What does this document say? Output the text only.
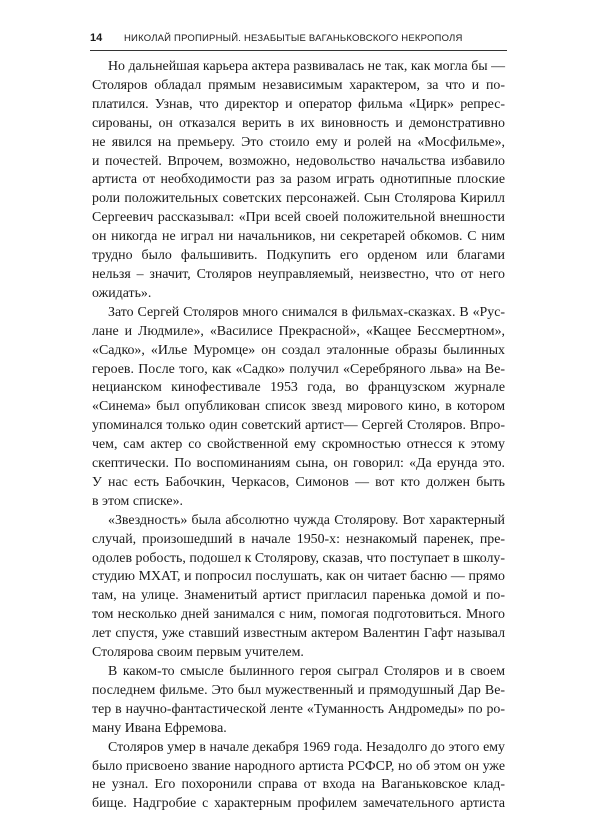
14 НИКОЛАЙ ПРОПИРНЫЙ. НЕЗАБЫТЫЕ ВАГАНЬКОВСКОГО НЕКРОПОЛЯ
Но дальнейшая карьера актера развивалась не так, как могла бы —
Столяров обладал прямым независимым характером, за что и по-
платился. Узнав, что директор и оператор фильма «Цирк» репрес-
сированы, он отказался верить в их виновность и демонстративно
не явился на премьеру. Это стоило ему и ролей на «Мосфильме»,
и почестей. Впрочем, возможно, недовольство начальства избавило
артиста от необходимости раз за разом играть однотипные плоские
роли положительных советских персонажей. Сын Столярова Кирилл
Сергеевич рассказывал: «При всей своей положительной внешности
он никогда не играл ни начальников, ни секретарей обкомов. С ним
трудно было фальшивить. Подкупить его орденом или благами
нельзя – значит, Столяров неуправляемый, неизвестно, что от него
ожидать».
Зато Сергей Столяров много снимался в фильмах-сказках. В «Рус-
лане и Людмиле», «Василисе Прекрасной», «Кащее Бессмертном»,
«Садко», «Илье Муромце» он создал эталонные образы былинных
героев. После того, как «Садко» получил «Серебряного льва» на Ве-
нецианском кинофестивале 1953 года, во французском журнале
«Синема» был опубликован список звезд мирового кино, в котором
упоминался только один советский артист— Сергей Столяров. Впро-
чем, сам актер со свойственной ему скромностью отнесся к этому
скептически. По воспоминаниям сына, он говорил: «Да ерунда это.
У нас есть Бабочкин, Черкасов, Симонов — вот кто должен быть
в этом списке».
«Звездность» была абсолютно чужда Столярову. Вот характерный
случай, произошедший в начале 1950-х: незнакомый паренек, пре-
одолев робость, подошел к Столярову, сказав, что поступает в школу-
студию МХАТ, и попросил послушать, как он читает басню — прямо
там, на улице. Знаменитый артист пригласил паренька домой и по-
том несколько дней занимался с ним, помогая подготовиться. Много
лет спустя, уже ставший известным актером Валентин Гафт называл
Столярова своим первым учителем.
В каком-то смысле былинного героя сыграл Столяров и в своем
последнем фильме. Это был мужественный и прямодушный Дар Ве-
тер в научно-фантастической ленте «Туманность Андромеды» по ро-
ману Ивана Ефремова.
Столяров умер в начале декабря 1969 года. Незадолго до этого ему
было присвоено звание народного артиста РСФСР, но об этом он уже
не узнал. Его похоронили справа от входа на Ваганьковское клад-
бище. Надгробие с характерным профилем замечательного артиста
